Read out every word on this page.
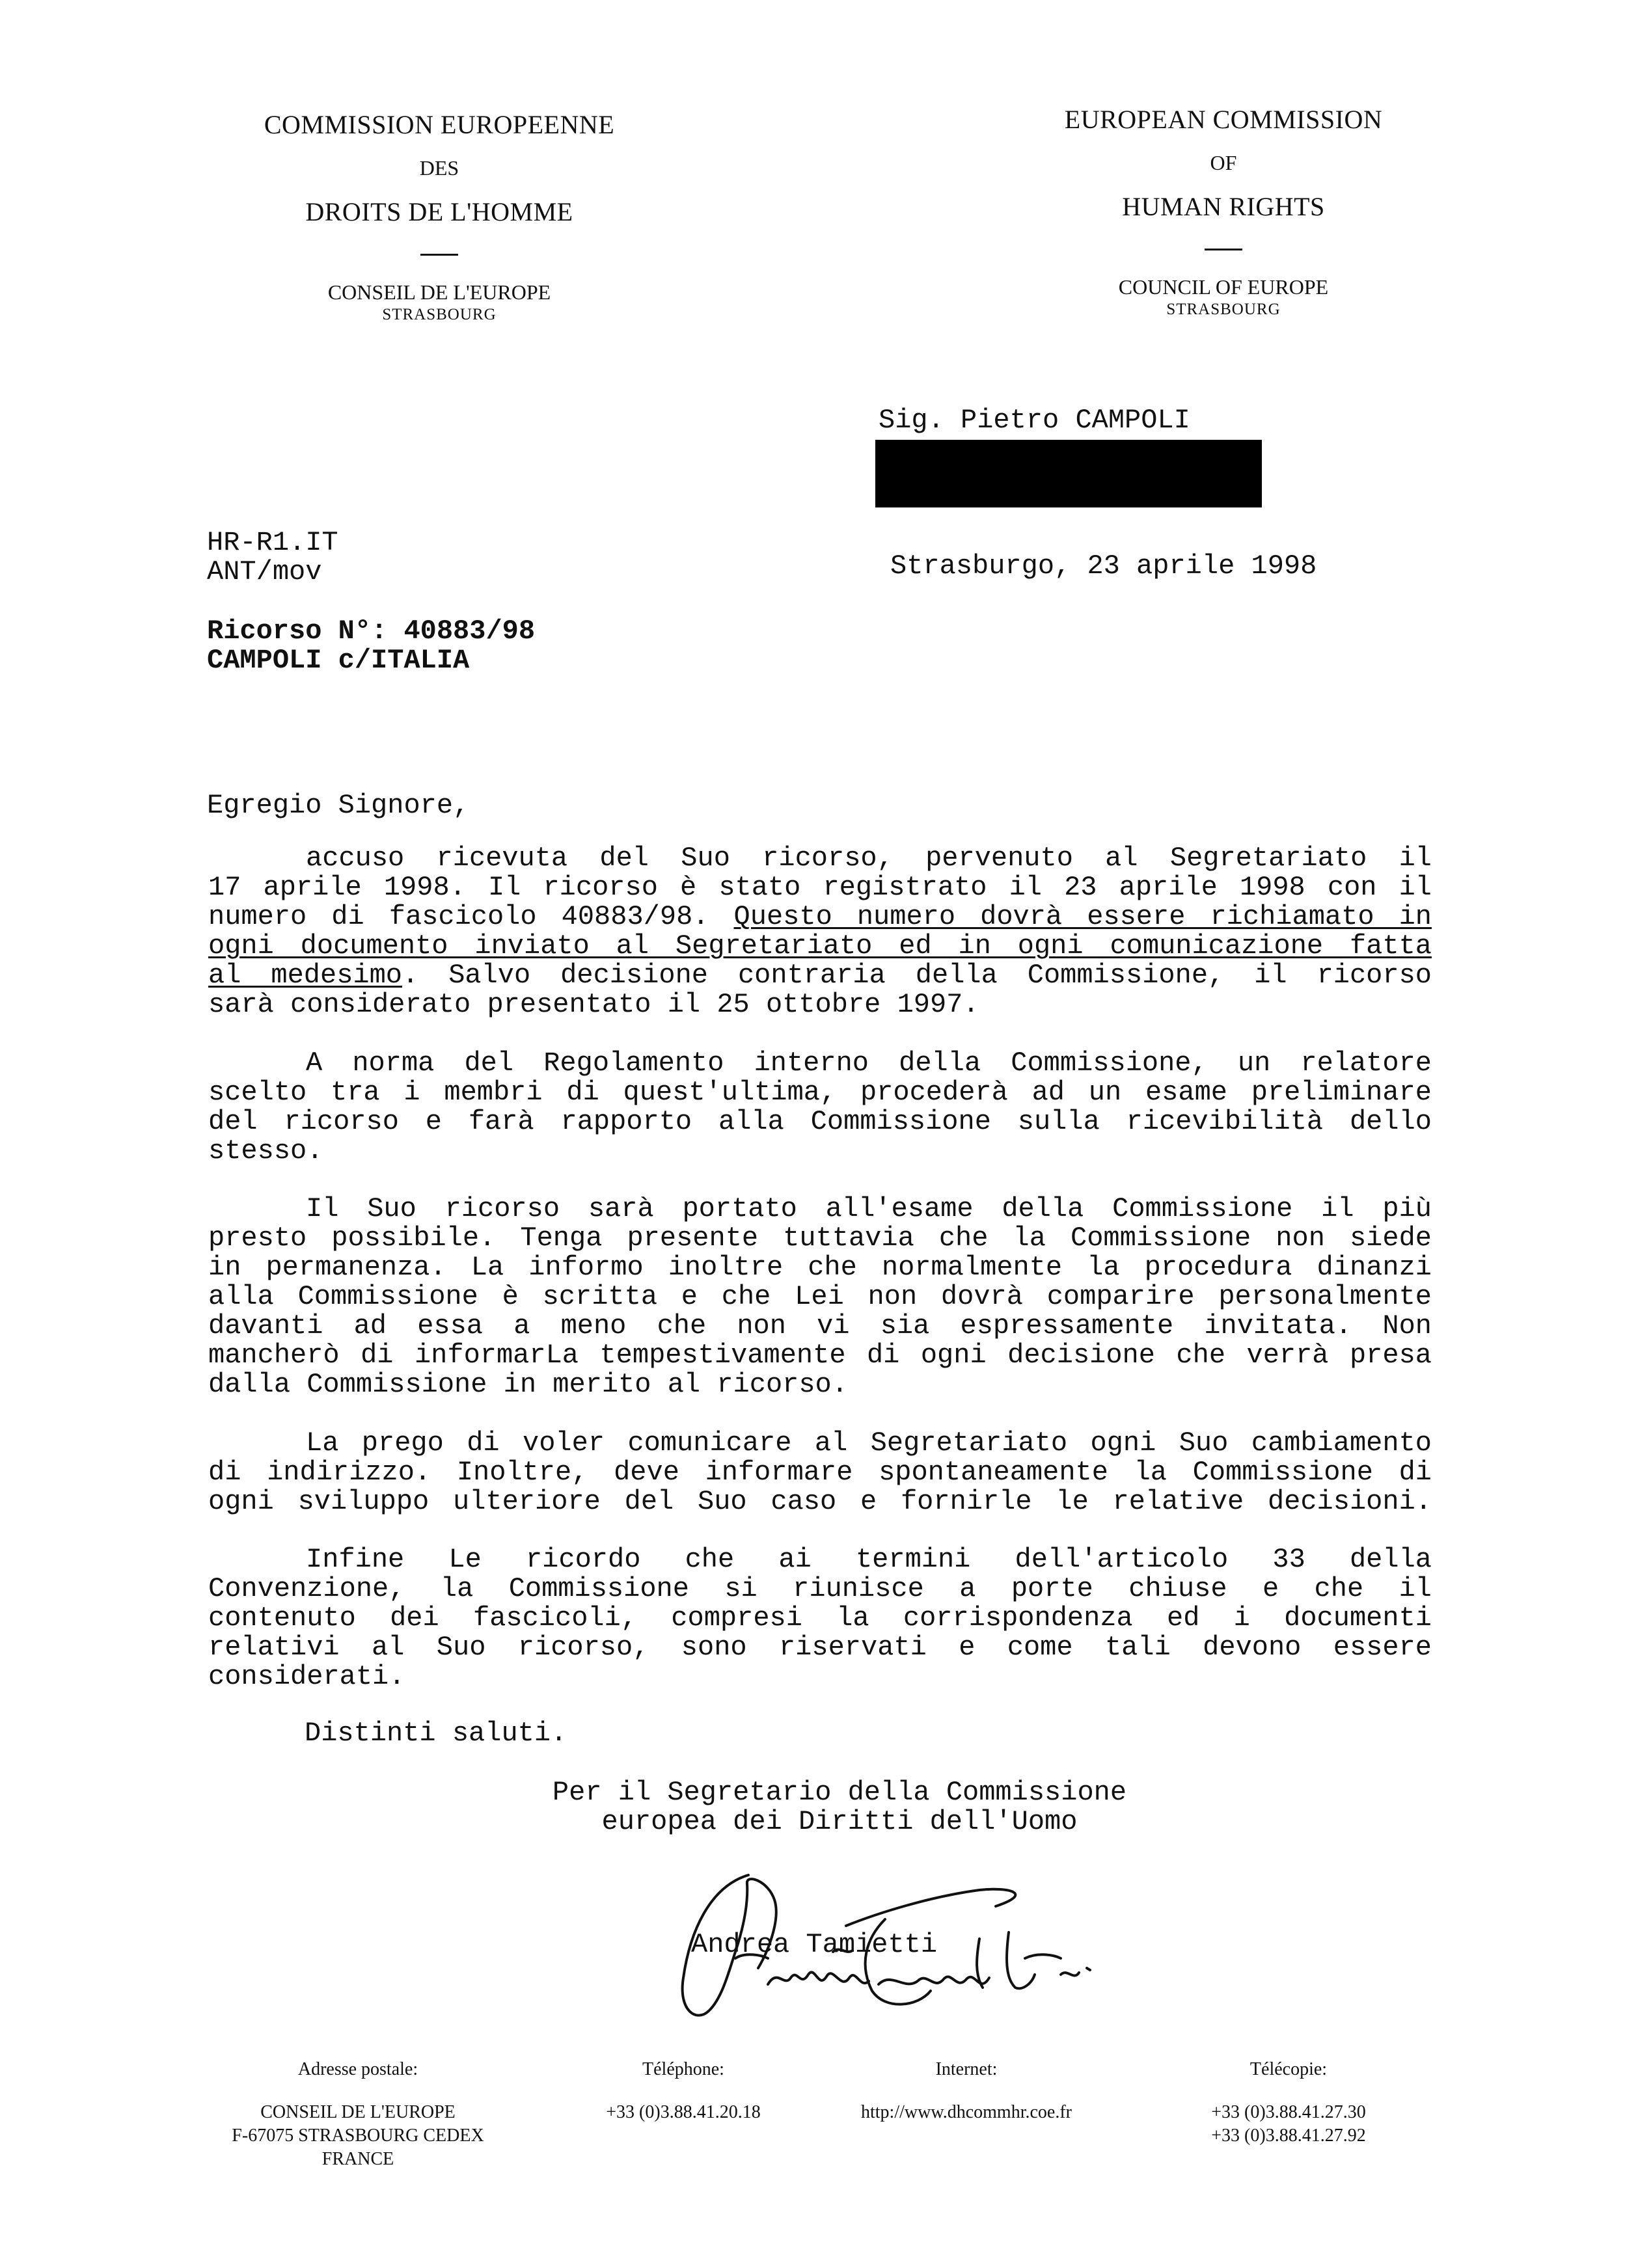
COMMISSION EUROPEENNE
DES
DROITS DE L'HOMME
CONSEIL DE L'EUROPE
STRASBOURG
EUROPEAN COMMISSION
OF
HUMAN RIGHTS
COUNCIL OF EUROPE
STRASBOURG
Sig. Pietro CAMPOLI
HR-R1.IT
ANT/mov	Strasburgo, 23 aprile 1998
Ricorso N°: 40883/98
CAMPOLI c/ITALIA
Egregio Signore,
accuso ricevuta del Suo ricorso, pervenuto al Segretariato il
17 aprile 1998. Il ricorso è stato registrato il 23 aprile 1998 con il
numero di fascicolo 40883/98. Questo numero dovrà essere richiamato in
ogni documento inviato al Segretariato ed in ogni comunicazione fatta
al medesimo. Salvo decisione contraria della Commissione, il ricorso
sarà considerato presentato il 25 ottobre 1997.
A norma del Regolamento interno della Commissione, un relatore
scelto tra i membri di quest'ultima, procederà ad un esame preliminare
del ricorso e farà rapporto alla Commissione sulla ricevibilità dello
stesso.
Il Suo ricorso sarà portato all'esame della Commissione il più
presto possibile. Tenga presente tuttavia che la Commissione non siede
in permanenza. La informo inoltre che normalmente la procedura dinanzi
alla Commissione è scritta e che Lei non dovrà comparire personalmente
davanti ad essa a meno che non vi sia espressamente invitata. Non
mancherò di informarLa tempestivamente di ogni decisione che verrà presa
dalla Commissione in merito al ricorso.
La prego di voler comunicare al Segretariato ogni Suo cambiamento
di indirizzo. Inoltre, deve informare spontaneamente la Commissione di
ogni sviluppo ulteriore del Suo caso e fornirle le relative decisioni.
Infine Le ricordo che ai termini dell'articolo 33 della
Convenzione, la Commissione si riunisce a porte chiuse e che il
contenuto dei fascicoli, compresi la corrispondenza ed i documenti
relativi al Suo ricorso, sono riservati e come tali devono essere
considerati.
Distinti saluti.
Per il Segretario della Commissione
europea dei Diritti dell'Uomo
Andrea Tamietti
Adresse postale:
CONSEIL DE L'EUROPE
F-67075 STRASBOURG CEDEX
FRANCE
Téléphone:
+33 (0)3.88.41.20.18
Internet:
http://www.dhcommhr.coe.fr
Télécopie:
+33 (0)3.88.41.27.30
+33 (0)3.88.41.27.92
